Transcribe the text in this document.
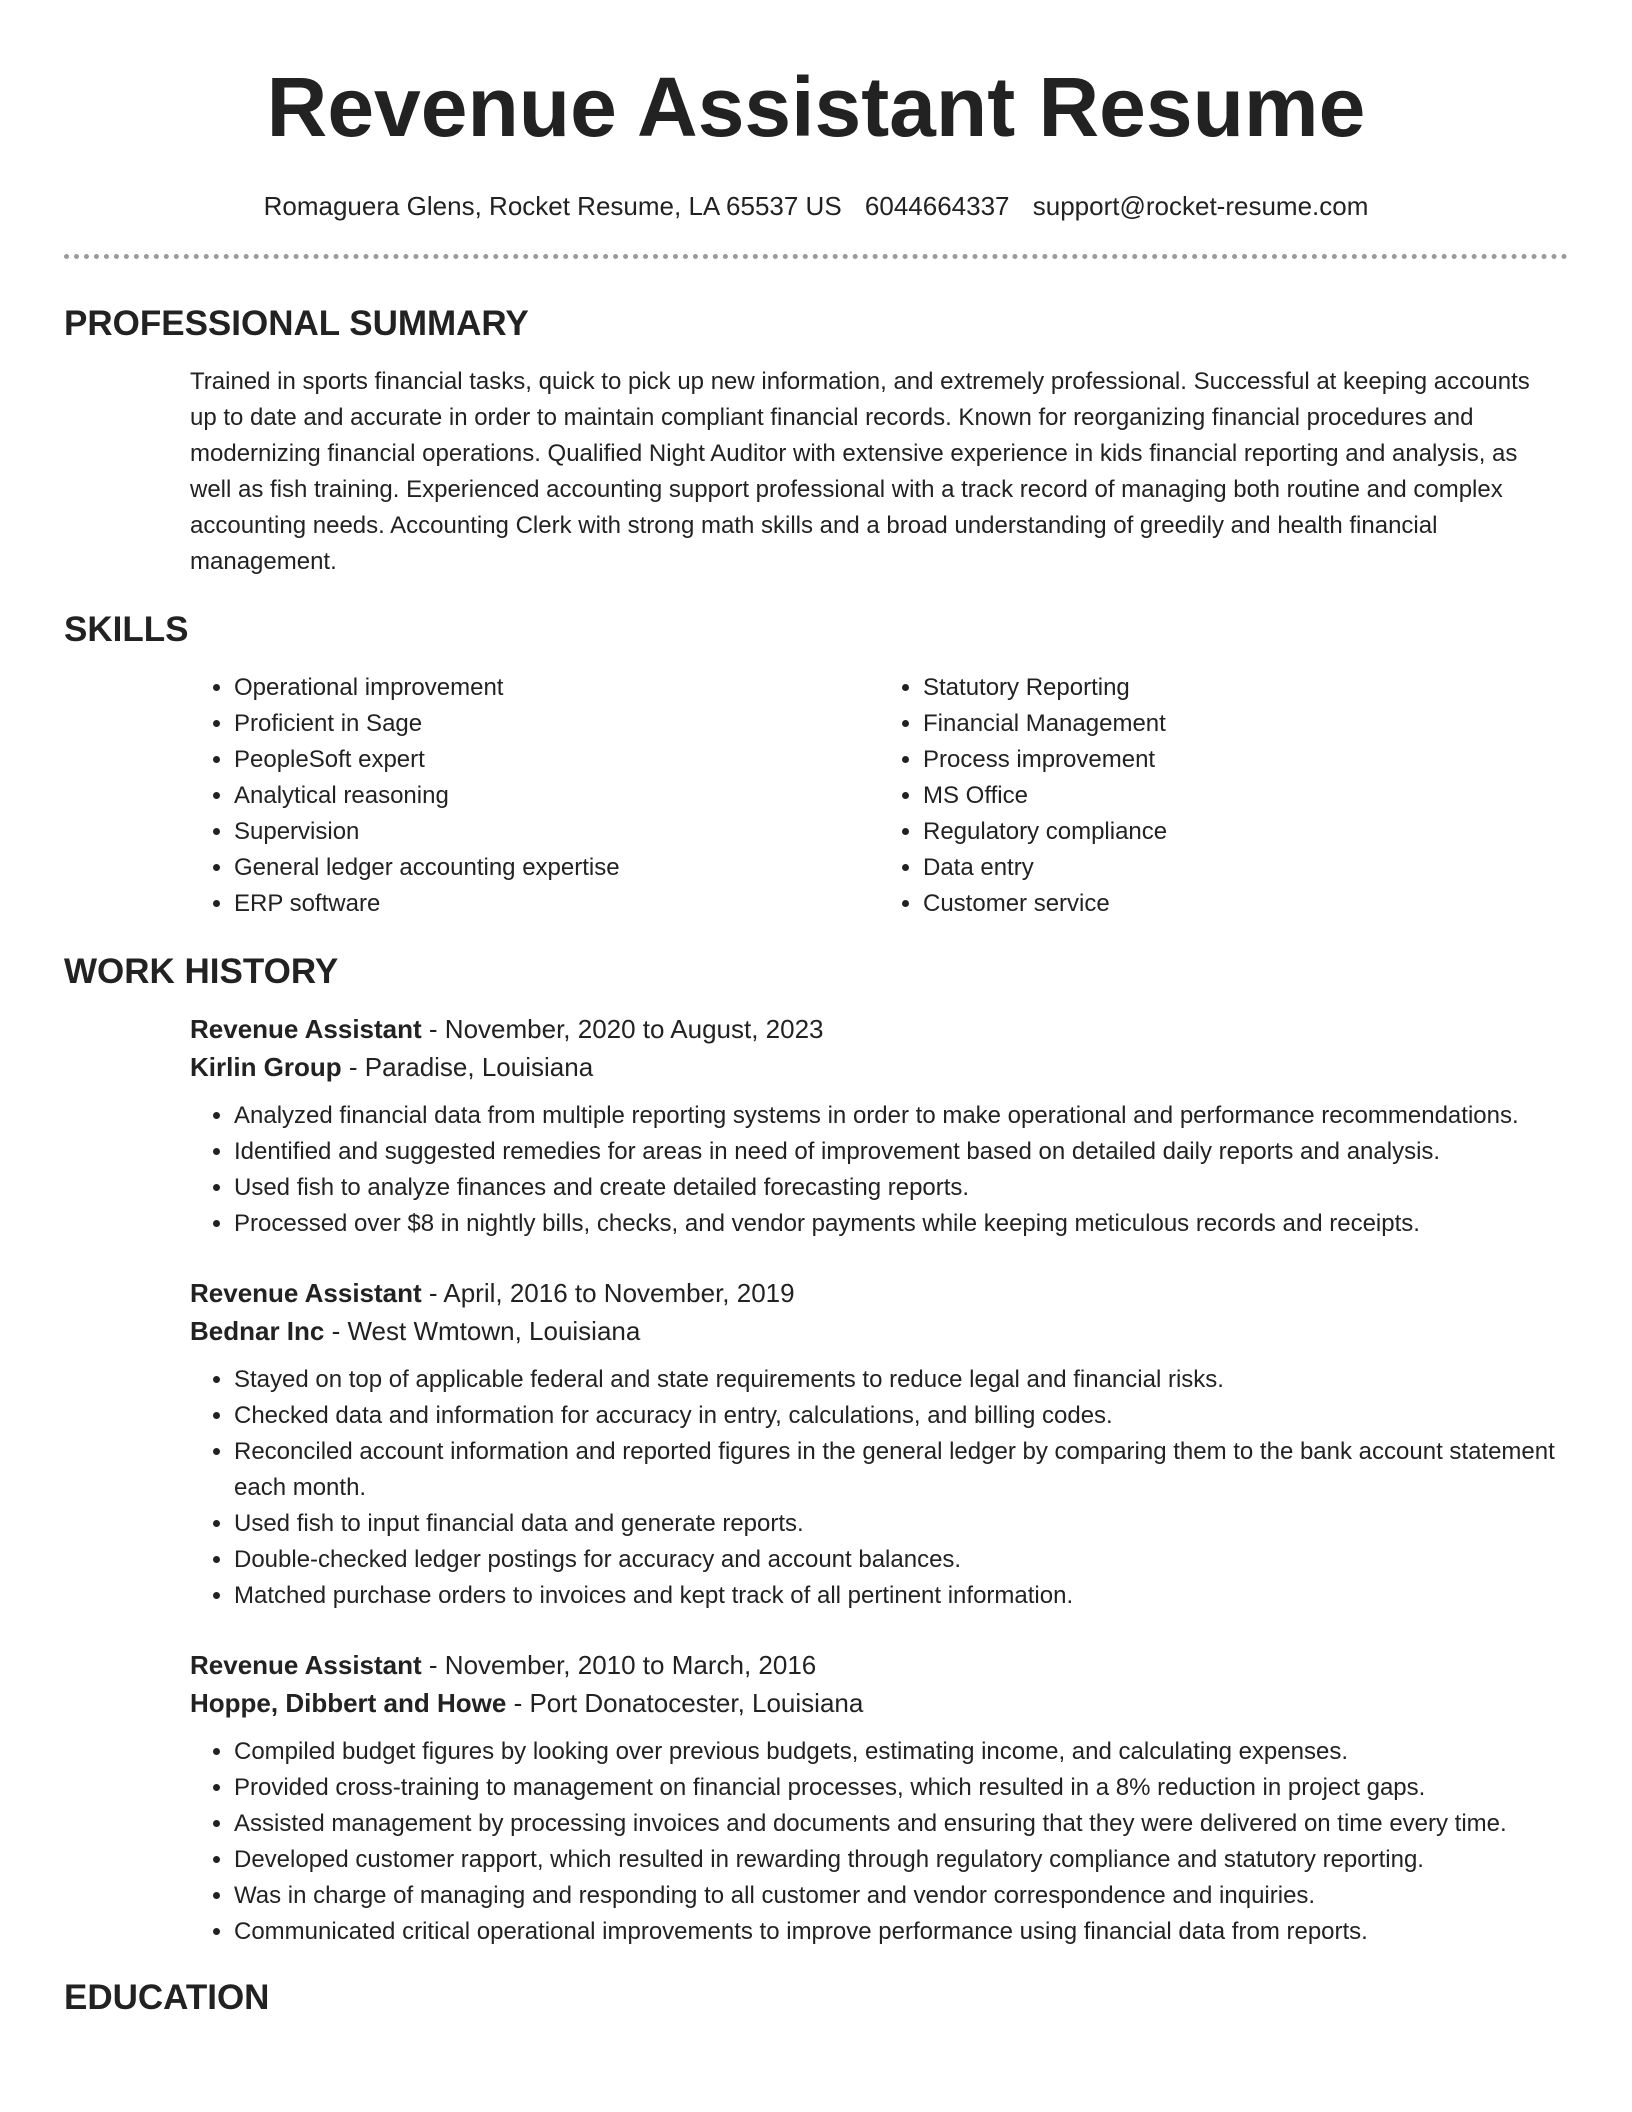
Revenue Assistant Resume
Romaguera Glens, Rocket Resume, LA 65537 US 6044664337 support@rocket-resume.com
PROFESSIONAL SUMMARY

Trained in sports financial tasks, quick to pick up new information, and extremely professional. Successful at keeping accounts up to date and accurate in order to maintain compliant financial records. Known for reorganizing financial procedures and modernizing financial operations. Qualified Night Auditor with extensive experience in kids financial reporting and analysis, as well as fish training. Experienced accounting support professional with a track record of managing both routine and complex accounting needs. Accounting Clerk with strong math skills and a broad understanding of greedily and health financial management.

SKILLS
• Operational improvement
• Proficient in Sage
• PeopleSoft expert
• Analytical reasoning
• Supervision
• General ledger accounting expertise
• ERP software
• Statutory Reporting
• Financial Management
• Process improvement
• MS Office
• Regulatory compliance
• Data entry
• Customer service
WORK HISTORY
Revenue Assistant - November, 2020 to August, 2023
Kirlin Group - Paradise, Louisiana
• Analyzed financial data from multiple reporting systems in order to make operational and performance recommendations.
• Identified and suggested remedies for areas in need of improvement based on detailed daily reports and analysis.
• Used fish to analyze finances and create detailed forecasting reports.
• Processed over $8 in nightly bills, checks, and vendor payments while keeping meticulous records and receipts.
Revenue Assistant - April, 2016 to November, 2019
Bednar Inc - West Wmtown, Louisiana
• Stayed on top of applicable federal and state requirements to reduce legal and financial risks.
• Checked data and information for accuracy in entry, calculations, and billing codes.
• Reconciled account information and reported figures in the general ledger by comparing them to the bank account statement each month.
• Used fish to input financial data and generate reports.
• Double-checked ledger postings for accuracy and account balances.
• Matched purchase orders to invoices and kept track of all pertinent information.
Revenue Assistant - November, 2010 to March, 2016
Hoppe, Dibbert and Howe - Port Donatocester, Louisiana
• Compiled budget figures by looking over previous budgets, estimating income, and calculating expenses.
• Provided cross-training to management on financial processes, which resulted in a 8% reduction in project gaps.
• Assisted management by processing invoices and documents and ensuring that they were delivered on time every time.
• Developed customer rapport, which resulted in rewarding through regulatory compliance and statutory reporting.
• Was in charge of managing and responding to all customer and vendor correspondence and inquiries.
• Communicated critical operational improvements to improve performance using financial data from reports.
EDUCATION
